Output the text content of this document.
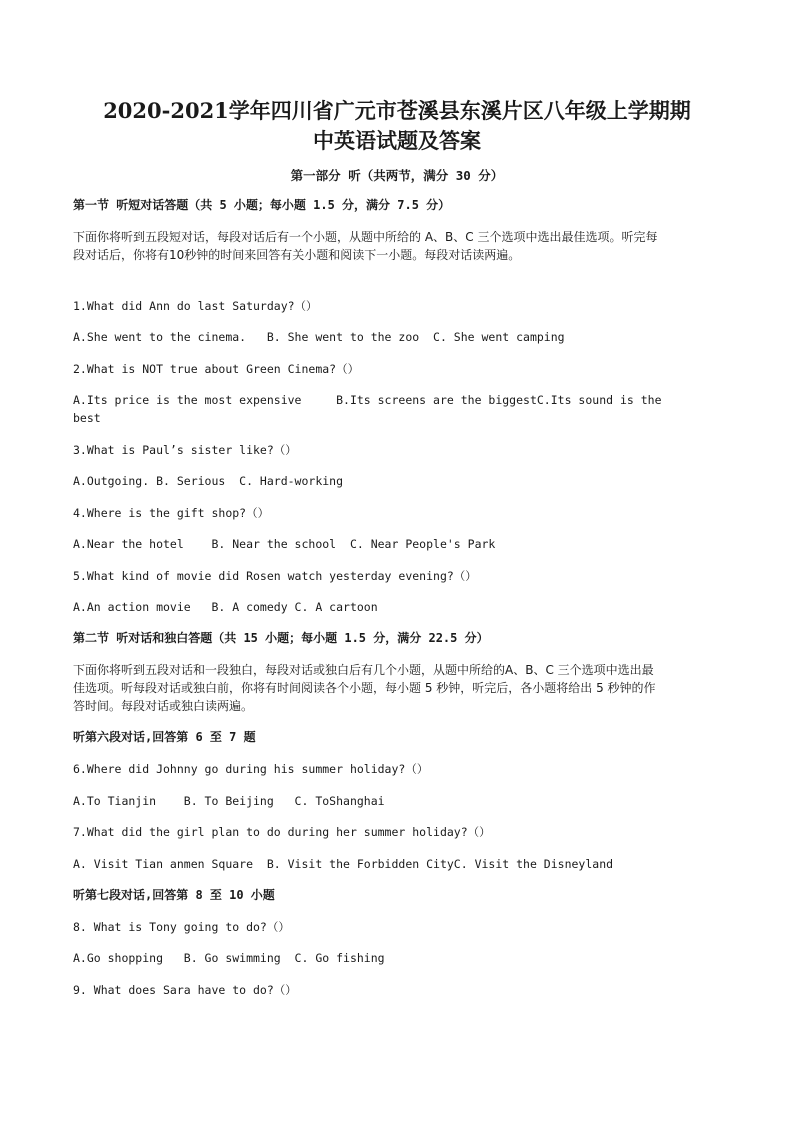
2020-2021学年四川省广元市苍溪县东溪片区八年级上学期期
中英语试题及答案

第一部分 听（共两节，满分 30 分）

第一节 听短对话答题（共 5 小题；每小题 1.5 分，满分 7.5 分）

下面你将听到五段短对话，每段对话后有一个小题，从题中所给的 A、B、C 三个选项中选出最佳选项。听完每段对话后，你将有10秒钟的时间来回答有关小题和阅读下一小题。每段对话读两遍。

1.What did Ann do last Saturday?（）

A.She went to the cinema.   B. She went to the zoo  C. She went camping

2.What is NOT true about Green Cinema?（）

A.Its price is the most expensive     B.Its screens are the biggestC.Its sound is the

best

3.What is Paul’s sister like?（）

A.Outgoing. B. Serious  C. Hard-working

4.Where is the gift shop?（）

A.Near the hotel    B. Near the school  C. Near People's Park

5.What kind of movie did Rosen watch yesterday evening?（）

A.An action movie   B. A comedy C. A cartoon

第二节 听对话和独白答题（共 15 小题；每小题 1.5 分，满分 22.5 分）

下面你将听到五段对话和一段独白，每段对话或独白后有几个小题，从题中所给的A、B、C 三个选项中选出最佳选项。听每段对话或独白前，你将有时间阅读各个小题，每小题 5 秒钟，听完后，各小题将给出 5 秒钟的作答时间。每段对话或独白读两遍。

听第六段对话,回答第 6 至 7 题

6.Where did Johnny go during his summer holiday?（）

A.To Tianjin    B. To Beijing   C. ToShanghai

7.What did the girl plan to do during her summer holiday?（）

A. Visit Tian anmen Square  B. Visit the Forbidden CityC. Visit the Disneyland

听第七段对话,回答第 8 至 10 小题

8. What is Tony going to do?（）

A.Go shopping   B. Go swimming  C. Go fishing

9. What does Sara have to do?（）
